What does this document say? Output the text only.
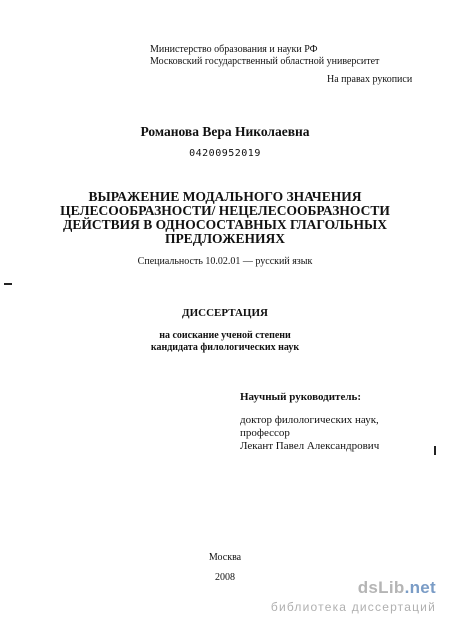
Министерство образования и науки РФ
Московский государственный областной университет
На правах рукописи
Романова Вера Николаевна
04200952019
ВЫРАЖЕНИЕ МОДАЛЬНОГО ЗНАЧЕНИЯ
ЦЕЛЕСООБРАЗНОСТИ/ НЕЦЕЛЕСООБРАЗНОСТИ
ДЕЙСТВИЯ В ОДНОСОСТАВНЫХ ГЛАГОЛЬНЫХ
ПРЕДЛОЖЕНИЯХ
Специальность 10.02.01 — русский язык
ДИССЕРТАЦИЯ
на соискание ученой степени
кандидата филологических наук
Научный руководитель:
доктор филологических наук,
профессор
Лекант Павел Александрович
Москва
2008
dsLib.net
библиотека диссертаций
